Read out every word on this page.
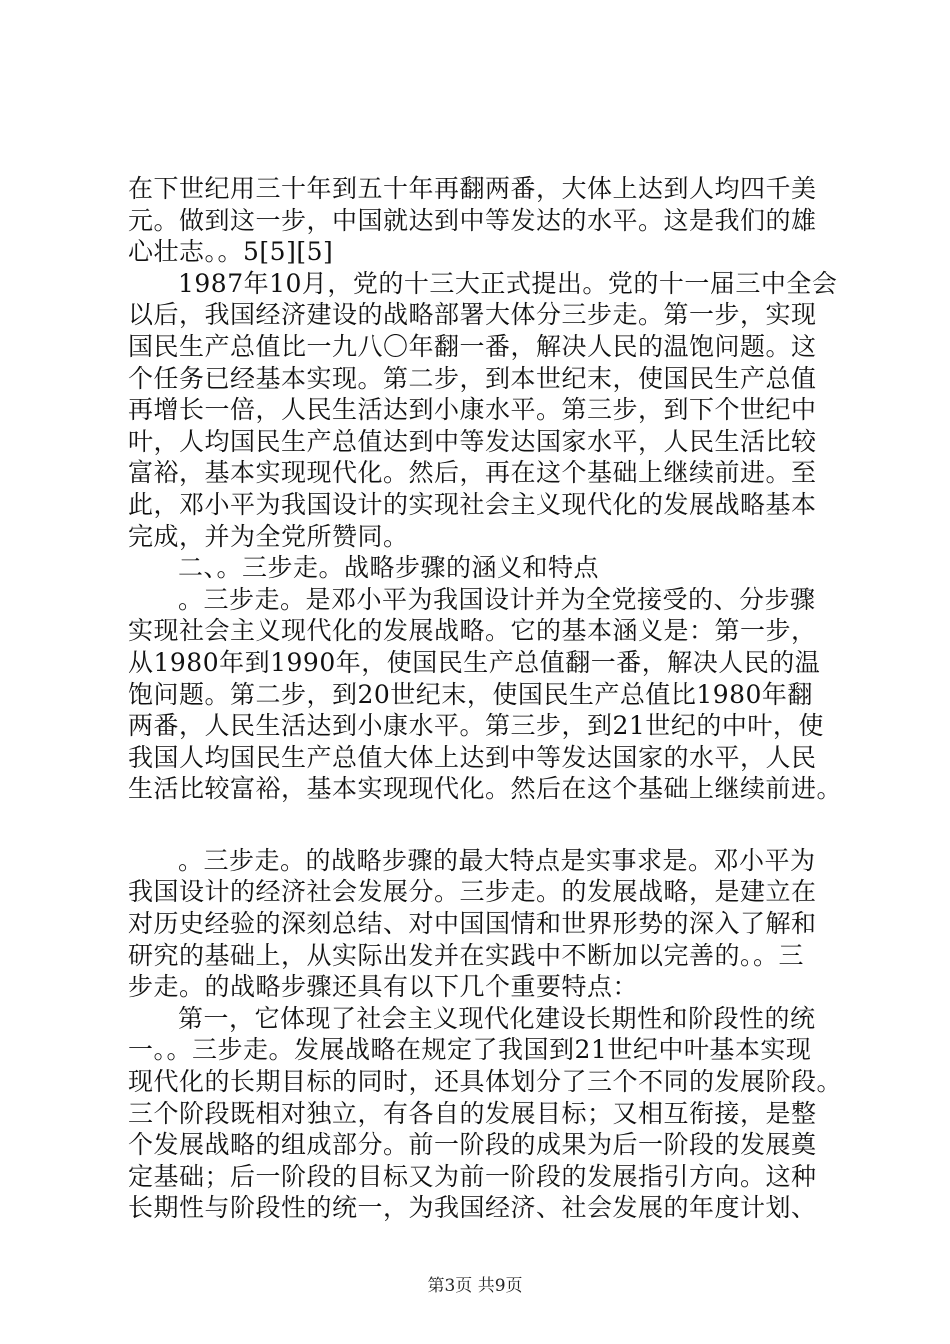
在下世纪用三十年到五十年再翻两番，大体上达到人均四千美
元。做到这一步，中国就达到中等发达的水平。这是我们的雄
心壮志。。5[5][5]
1987年10月，党的十三大正式提出。党的十一届三中全会
以后，我国经济建设的战略部署大体分三步走。第一步，实现
国民生产总值比一九八〇年翻一番，解决人民的温饱问题。这
个任务已经基本实现。第二步，到本世纪末，使国民生产总值
再增长一倍，人民生活达到小康水平。第三步，到下个世纪中
叶，人均国民生产总值达到中等发达国家水平，人民生活比较
富裕，基本实现现代化。然后，再在这个基础上继续前进。至
此，邓小平为我国设计的实现社会主义现代化的发展战略基本
完成，并为全党所赞同。
二、。三步走。战略步骤的涵义和特点
。三步走。是邓小平为我国设计并为全党接受的、分步骤
实现社会主义现代化的发展战略。它的基本涵义是：第一步，
从1980年到1990年，使国民生产总值翻一番，解决人民的温
饱问题。第二步，到20世纪末，使国民生产总值比1980年翻
两番，人民生活达到小康水平。第三步，到21世纪的中叶，使
我国人均国民生产总值大体上达到中等发达国家的水平，人民
生活比较富裕，基本实现现代化。然后在这个基础上继续前进。
。三步走。的战略步骤的最大特点是实事求是。邓小平为
我国设计的经济社会发展分。三步走。的发展战略，是建立在
对历史经验的深刻总结、对中国国情和世界形势的深入了解和
研究的基础上，从实际出发并在实践中不断加以完善的。。三
步走。的战略步骤还具有以下几个重要特点：
第一，它体现了社会主义现代化建设长期性和阶段性的统
一。。三步走。发展战略在规定了我国到21世纪中叶基本实现
现代化的长期目标的同时，还具体划分了三个不同的发展阶段。
三个阶段既相对独立，有各自的发展目标；又相互衔接，是整
个发展战略的组成部分。前一阶段的成果为后一阶段的发展奠
定基础；后一阶段的目标又为前一阶段的发展指引方向。这种
长期性与阶段性的统一，为我国经济、社会发展的年度计划、
第3页 共9页
